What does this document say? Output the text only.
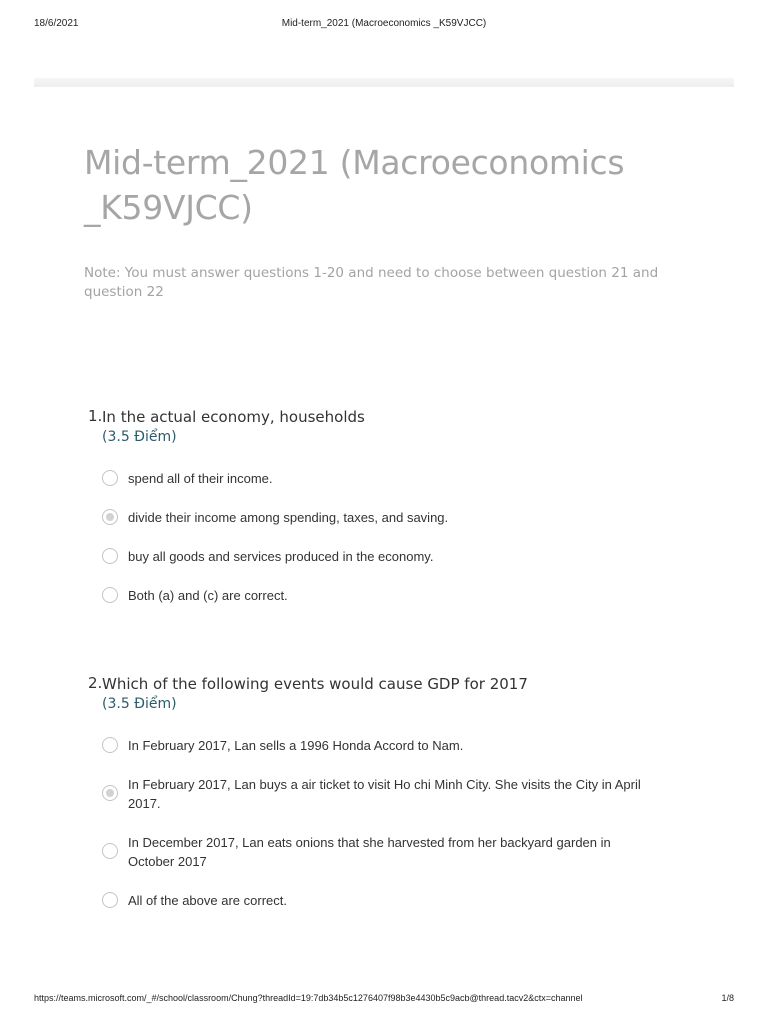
18/6/2021	Mid-term_2021 (Macroeconomics _K59VJCC)
Mid-term_2021 (Macroeconomics _K59VJCC)
Note: You must answer questions 1-20 and need to choose between question 21 and question 22
1. In the actual economy, households
(3.5 Điểm)
spend all of their income.
divide their income among spending, taxes, and saving.
buy all goods and services produced in the economy.
Both (a) and (c) are correct.
2. Which of the following events would cause GDP for 2017
(3.5 Điểm)
In February 2017, Lan sells a 1996 Honda Accord to Nam.
In February 2017, Lan buys a air ticket to visit Ho chi Minh City. She visits the City in April 2017.
In December 2017, Lan eats onions that she harvested from her backyard garden in October 2017
All of the above are correct.
https://teams.microsoft.com/_#/school/classroom/Chung?threadId=19:7db34b5c1276407f98b3e4430b5c9acb@thread.tacv2&ctx=channel	1/8
